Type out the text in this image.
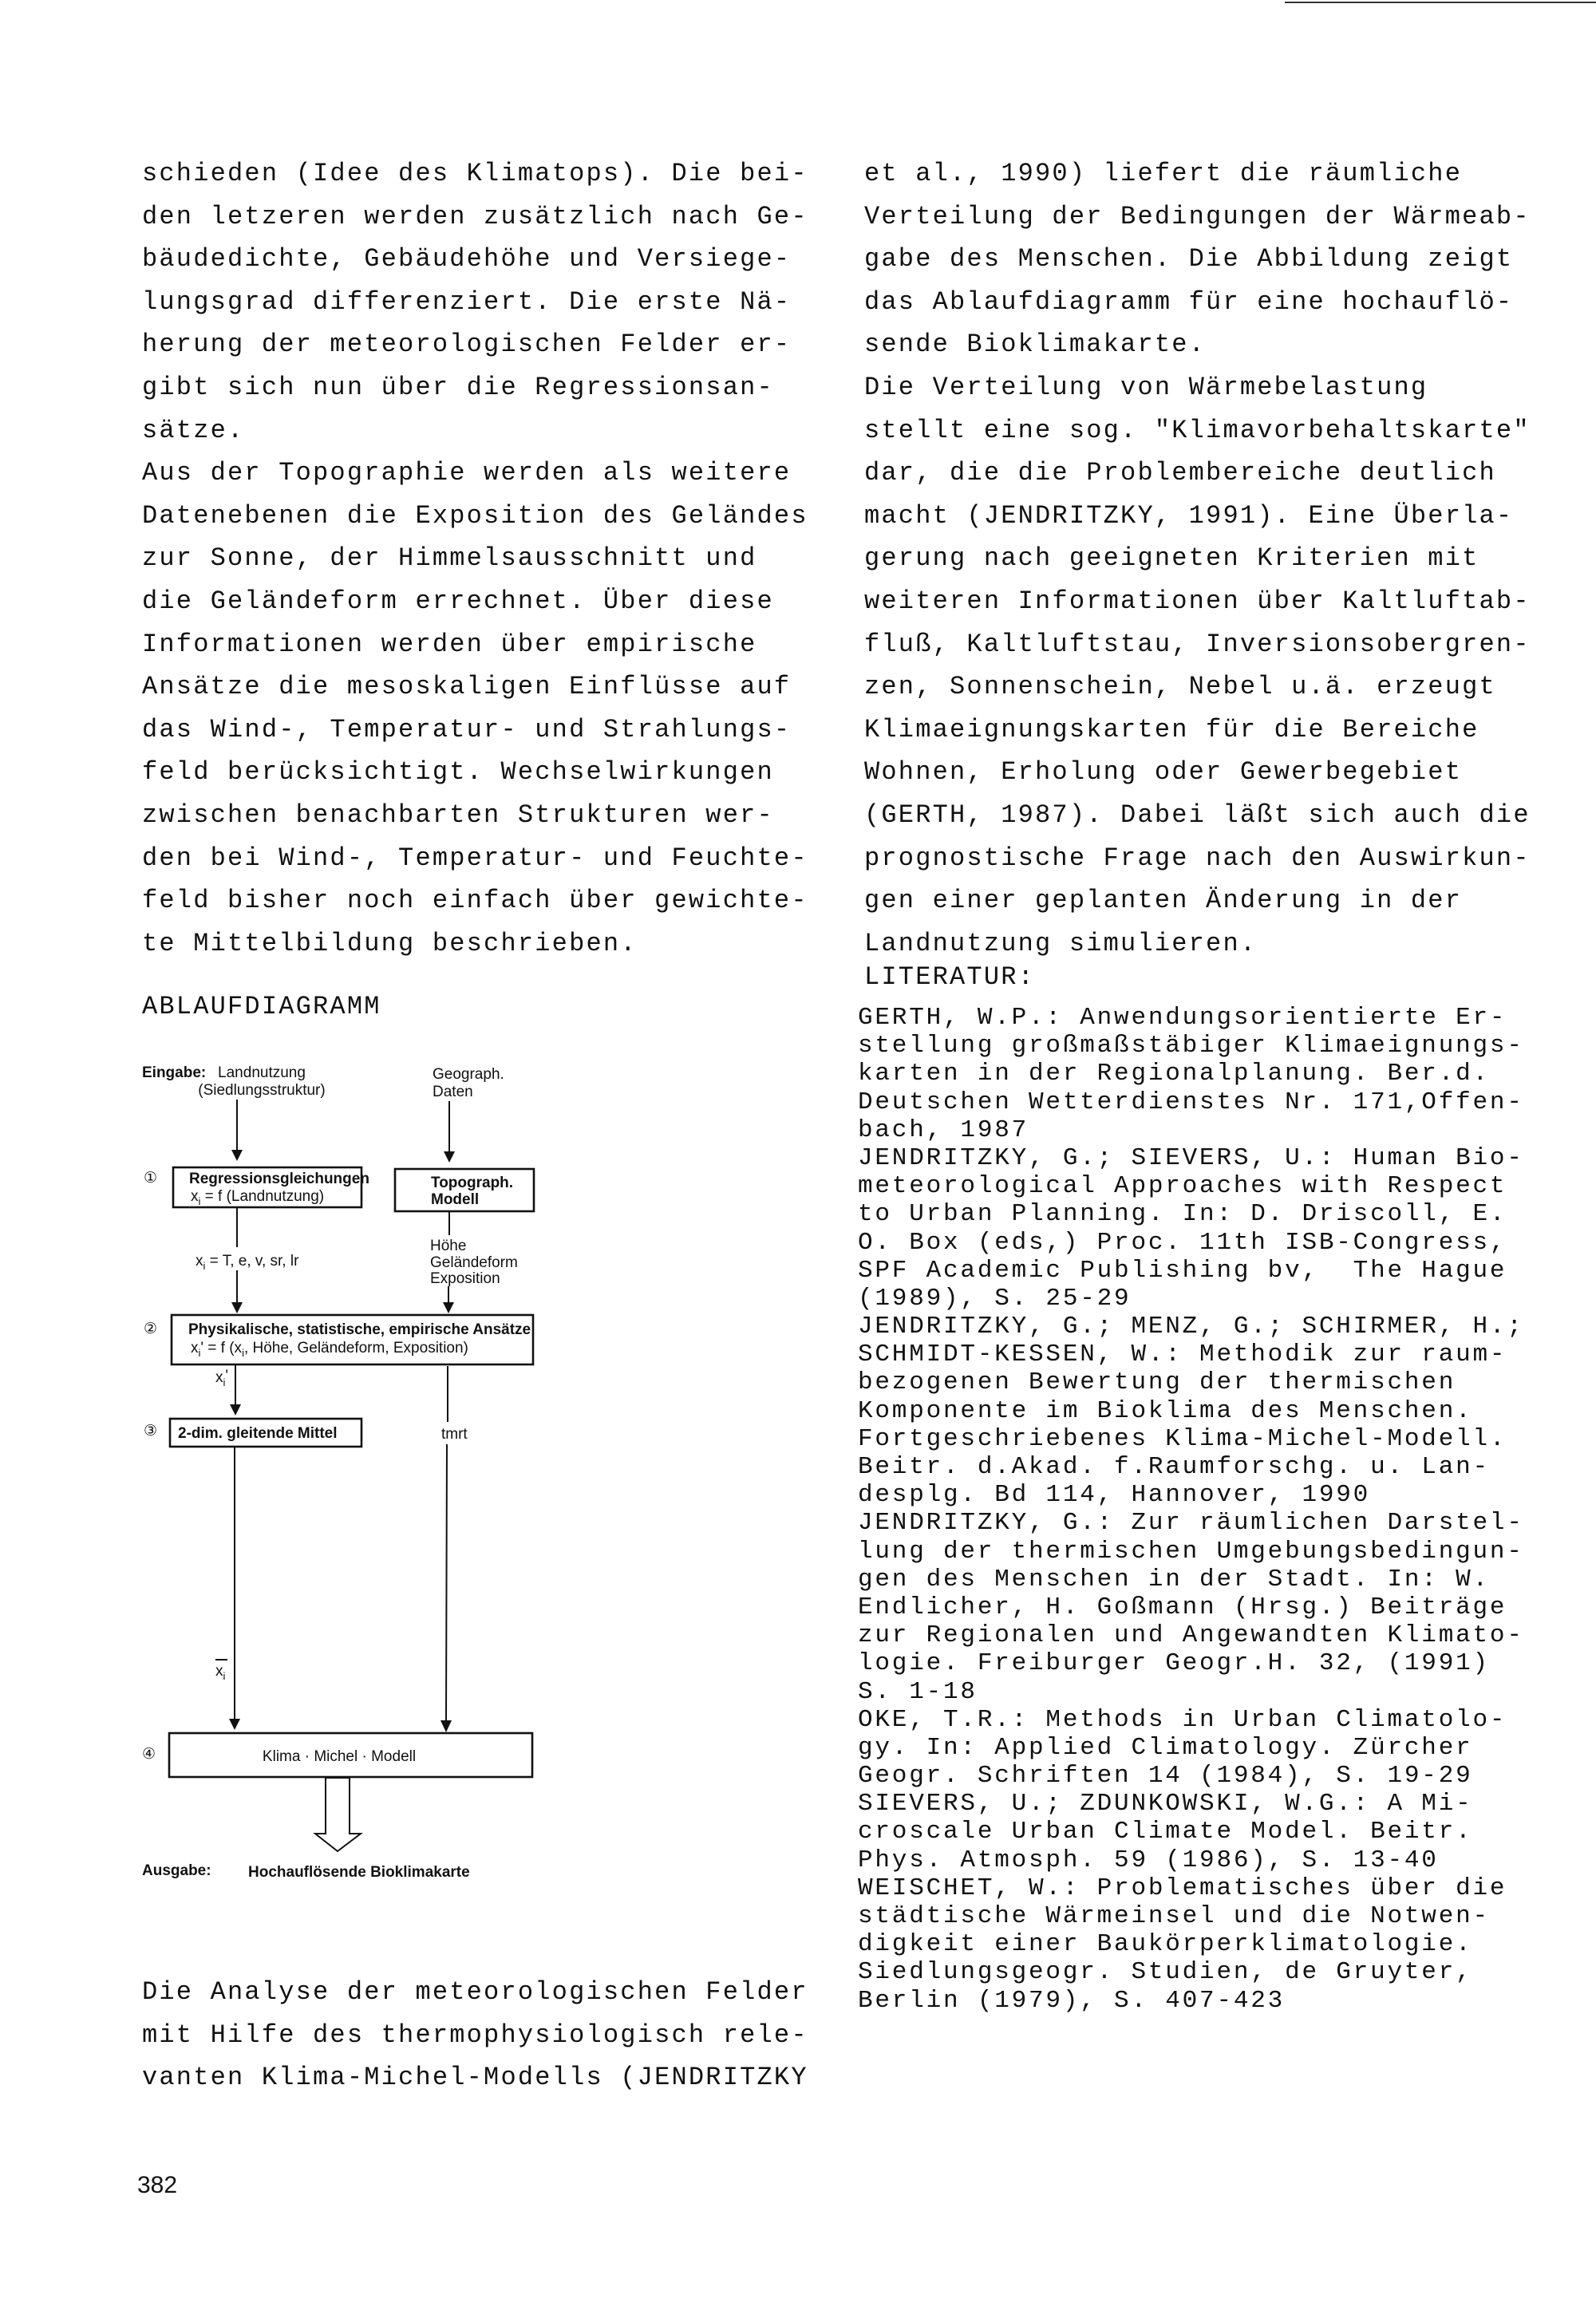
schieden (Idee des Klimatops). Die bei-
den letzeren werden zusätzlich nach Ge-
bäudedichte, Gebäudehöhe und Versiege-
lungsgrad differenziert. Die erste Nä-
herung der meteorologischen Felder er-
gibt sich nun über die Regressionsan-
sätze.
Aus der Topographie werden als weitere
Datenebenen die Exposition des Geländes
zur Sonne, der Himmelsausschnitt und
die Geländeform errechnet. Über diese
Informationen werden über empirische
Ansätze die mesoskaligen Einflüsse auf
das Wind-, Temperatur- und Strahlungs-
feld berücksichtigt. Wechselwirkungen
zwischen benachbarten Strukturen wer-
den bei Wind-, Temperatur- und Feuchte-
feld bisher noch einfach über gewichte-
te Mittelbildung beschrieben.
ABLAUFDIAGRAMM
Eingabe: Landnutzung
(Siedlungsstruktur)
Geograph.
Daten
① Regressionsgleichungen
$x_i = f$ (Landnutzung)
Topograph.
Modell
$x_i = T$, e, v, sr, lr
Höhe
Geländeform
Exposition
② Physikalische, statistische, empirische Ansätze
$x_i' = f$ ($x_i$, Höhe, Geländeform, Exposition)
$x_i'$
③ 2-dim. gleitende Mittel	tmrt
$x_i$
④	Klima · Michel · Modell
Ausgabe: Hochauflösende Bioklimakarte
Die Analyse der meteorologischen Felder
mit Hilfe des thermophysiologisch rele-
vanten Klima-Michel-Modells (JENDRITZKY
et al., 1990) liefert die räumliche
Verteilung der Bedingungen der Wärmeab-
gabe des Menschen. Die Abbildung zeigt
das Ablaufdiagramm für eine hochauflö-
sende Bioklimakarte.
Die Verteilung von Wärmebelastung
stellt eine sog. "Klimavorbehaltskarte"
dar, die die Problembereiche deutlich
macht (JENDRITZKY, 1991). Eine Überla-
gerung nach geeigneten Kriterien mit
weiteren Informationen über Kaltluftab-
fluß, Kaltluftstau, Inversionsobergren-
zen, Sonnenschein, Nebel u.ä. erzeugt
Klimaeignungskarten für die Bereiche
Wohnen, Erholung oder Gewerbegebiet
(GERTH, 1987). Dabei läßt sich auch die
prognostische Frage nach den Auswirkun-
gen einer geplanten Änderung in der
Landnutzung simulieren.
LITERATUR:
GERTH, W.P.: Anwendungsorientierte Er-
stellung großmaßstäbiger Klimaeignungs-
karten in der Regionalplanung. Ber.d.
Deutschen Wetterdienstes Nr. 171,Offen-
bach, 1987
JENDRITZKY, G.; SIEVERS, U.: Human Bio-
meteorological Approaches with Respect
to Urban Planning. In: D. Driscoll, E.
O. Box (eds,) Proc. 11th ISB-Congress,
SPF Academic Publishing bv,  The Hague
(1989), S. 25-29
JENDRITZKY, G.; MENZ, G.; SCHIRMER, H.;
SCHMIDT-KESSEN, W.: Methodik zur raum-
bezogenen Bewertung der thermischen
Komponente im Bioklima des Menschen.
Fortgeschriebenes Klima-Michel-Modell.
Beitr. d.Akad. f.Raumforschg. u. Lan-
desplg. Bd 114, Hannover, 1990
JENDRITZKY, G.: Zur räumlichen Darstel-
lung der thermischen Umgebungsbedingun-
gen des Menschen in der Stadt. In: W.
Endlicher, H. Goßmann (Hrsg.) Beiträge
zur Regionalen und Angewandten Klimato-
logie. Freiburger Geogr.H. 32, (1991)
S. 1-18
OKE, T.R.: Methods in Urban Climatolo-
gy. In: Applied Climatology. Zürcher
Geogr. Schriften 14 (1984), S. 19-29
SIEVERS, U.; ZDUNKOWSKI, W.G.: A Mi-
croscale Urban Climate Model. Beitr.
Phys. Atmosph. 59 (1986), S. 13-40
WEISCHET, W.: Problematisches über die
städtische Wärmeinsel und die Notwen-
digkeit einer Baukörperklimatologie.
Siedlungsgeogr. Studien, de Gruyter,
Berlin (1979), S. 407-423
382
